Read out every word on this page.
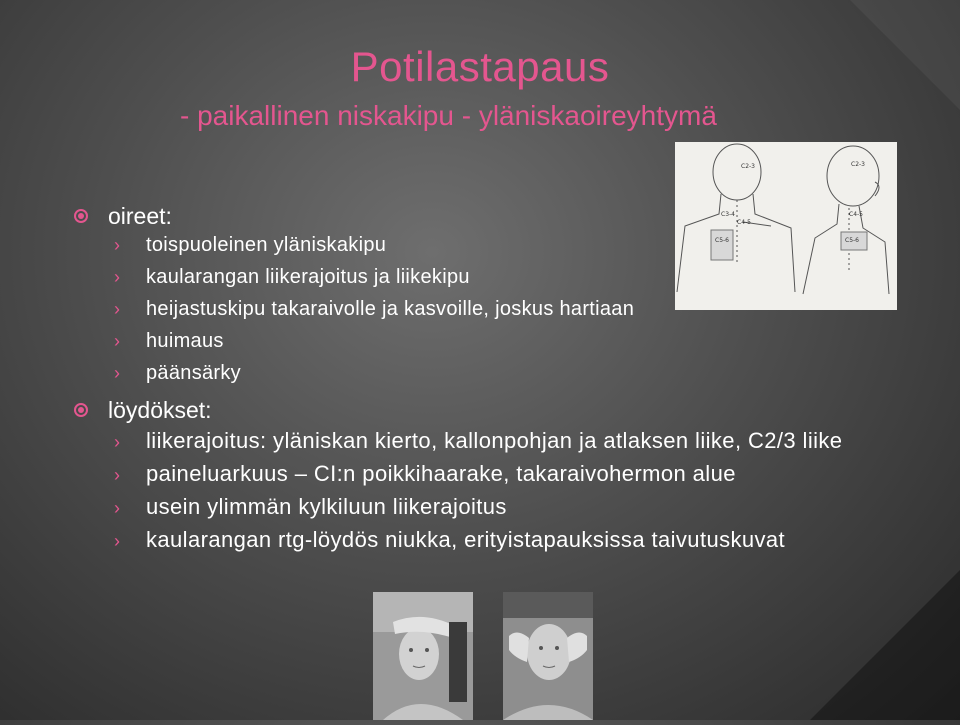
Potilastapaus
- paikallinen niskakipu - yläniskaoireyhtymä
oireet:
› toispuoleinen yläniskakipu
› kaularangan liikerajoitus ja liikekipu
› heijastuskipu takaraivolle ja kasvoille, joskus hartiaan
› huimaus
› päänsärky
löydökset:
› liikerajoitus: yläniskan kierto, kallonpohjan ja atlaksen liike, C2/3 liike
› paineluarkuus – CI:n poikkihaarake, takaraivohermon alue
› usein ylimmän kylkiluun liikerajoitus
› kaularangan rtg-löydös niukka, erityistapauksissa taivutuskuvat
C2-3
C3-4
C4-5
C5-6
C2-3
C4-5
C5-6
